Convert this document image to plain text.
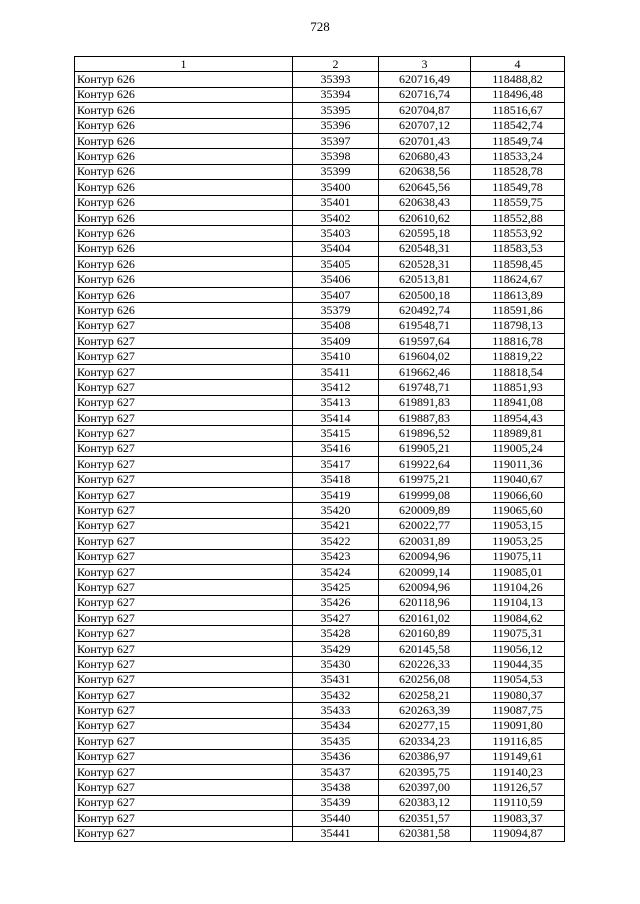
728
1	2	3	4
Контур 626	35393	620716,49	118488,82
Контур 626	35394	620716,74	118496,48
Контур 626	35395	620704,87	118516,67
Контур 626	35396	620707,12	118542,74
Контур 626	35397	620701,43	118549,74
Контур 626	35398	620680,43	118533,24
Контур 626	35399	620638,56	118528,78
Контур 626	35400	620645,56	118549,78
Контур 626	35401	620638,43	118559,75
Контур 626	35402	620610,62	118552,88
Контур 626	35403	620595,18	118553,92
Контур 626	35404	620548,31	118583,53
Контур 626	35405	620528,31	118598,45
Контур 626	35406	620513,81	118624,67
Контур 626	35407	620500,18	118613,89
Контур 626	35379	620492,74	118591,86
Контур 627	35408	619548,71	118798,13
Контур 627	35409	619597,64	118816,78
Контур 627	35410	619604,02	118819,22
Контур 627	35411	619662,46	118818,54
Контур 627	35412	619748,71	118851,93
Контур 627	35413	619891,83	118941,08
Контур 627	35414	619887,83	118954,43
Контур 627	35415	619896,52	118989,81
Контур 627	35416	619905,21	119005,24
Контур 627	35417	619922,64	119011,36
Контур 627	35418	619975,21	119040,67
Контур 627	35419	619999,08	119066,60
Контур 627	35420	620009,89	119065,60
Контур 627	35421	620022,77	119053,15
Контур 627	35422	620031,89	119053,25
Контур 627	35423	620094,96	119075,11
Контур 627	35424	620099,14	119085,01
Контур 627	35425	620094,96	119104,26
Контур 627	35426	620118,96	119104,13
Контур 627	35427	620161,02	119084,62
Контур 627	35428	620160,89	119075,31
Контур 627	35429	620145,58	119056,12
Контур 627	35430	620226,33	119044,35
Контур 627	35431	620256,08	119054,53
Контур 627	35432	620258,21	119080,37
Контур 627	35433	620263,39	119087,75
Контур 627	35434	620277,15	119091,80
Контур 627	35435	620334,23	119116,85
Контур 627	35436	620386,97	119149,61
Контур 627	35437	620395,75	119140,23
Контур 627	35438	620397,00	119126,57
Контур 627	35439	620383,12	119110,59
Контур 627	35440	620351,57	119083,37
Контур 627	35441	620381,58	119094,87
